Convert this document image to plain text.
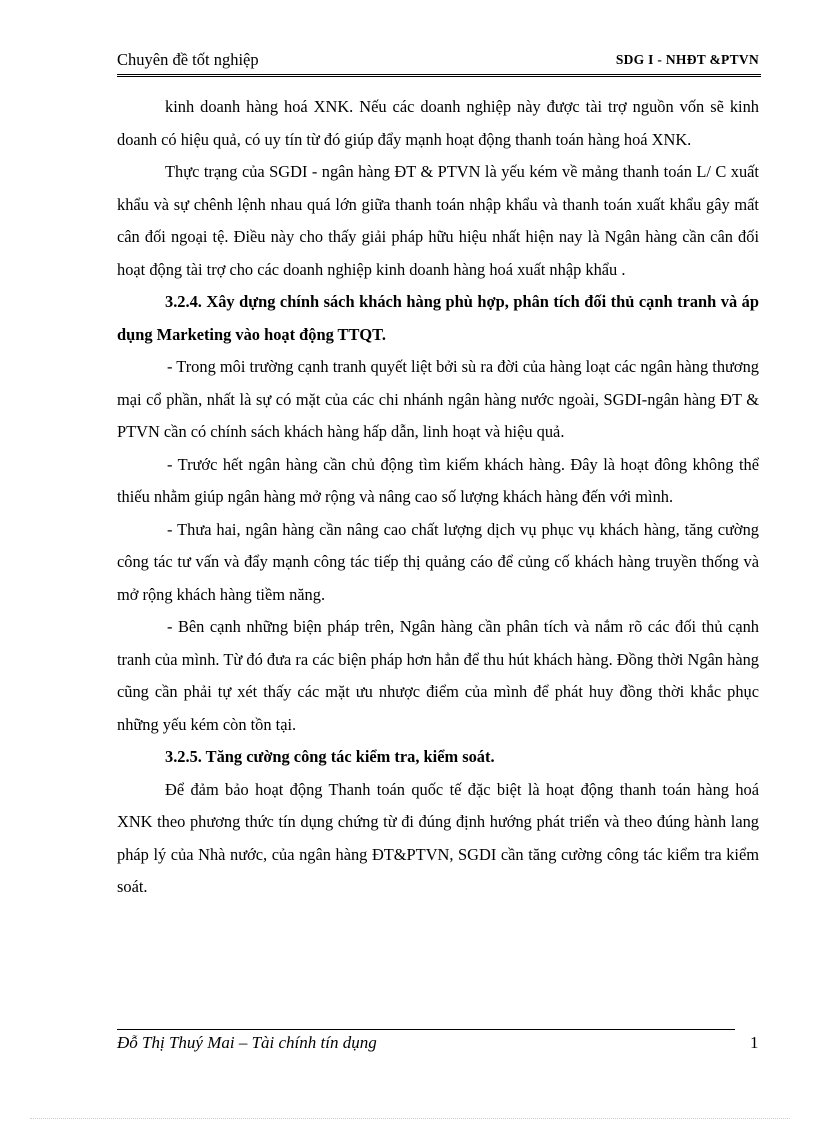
Chuyên đề tốt nghiệp	SDG I - NHĐT &PTVN

kinh doanh hàng hoá XNK. Nếu các doanh nghiệp này được tài trợ nguồn vốn sẽ kinh doanh có hiệu quả, có uy tín từ đó giúp đẩy mạnh hoạt động thanh toán hàng hoá XNK.

Thực trạng của SGDI - ngân hàng ĐT & PTVN là yếu kém về mảng thanh toán L/ C xuất khẩu và sự chênh lệnh nhau quá lớn giữa thanh toán nhập khẩu và thanh toán xuất khẩu gây mất cân đối ngoại tệ. Điều này cho thấy giải pháp hữu hiệu nhất hiện nay là Ngân hàng cần cân đối hoạt động tài trợ cho các doanh nghiệp kinh doanh hàng hoá xuất nhập khẩu .

3.2.4. Xây dựng chính sách khách hàng phù hợp, phân tích đối thủ cạnh tranh và áp dụng Marketing vào hoạt động TTQT.

- Trong môi trường cạnh tranh quyết liệt bởi sù ra đời của hàng loạt các ngân hàng thương mại cổ phần, nhất là sự có mặt của các chi nhánh ngân hàng nước ngoài, SGDI-ngân hàng ĐT & PTVN cần có chính sách khách hàng hấp dẫn, linh hoạt và hiệu quả.

- Trước hết ngân hàng cần chủ động tìm kiếm khách hàng. Đây là hoạt đông không thể thiếu nhằm giúp ngân hàng mở rộng và nâng cao số lượng khách hàng đến với mình.

- Thưa hai, ngân hàng cần nâng cao chất lượng dịch vụ phục vụ khách hàng, tăng cường công tác tư vấn và đẩy mạnh công tác tiếp thị quảng cáo để củng cố khách hàng truyền thống và mở rộng khách hàng tiềm năng.

- Bên cạnh những biện pháp trên, Ngân hàng cần phân tích và nắm rõ các đối thủ cạnh tranh của mình. Từ đó đưa ra các biện pháp hơn hẳn để thu hút khách hàng. Đồng thời Ngân hàng cũng cần phải tự xét thấy các mặt ưu nhược điểm của mình để phát huy đồng thời khắc phục những yếu kém còn tồn tại.

3.2.5. Tăng cường công tác kiểm tra, kiểm soát.

Để đảm bảo hoạt động Thanh toán quốc tế đặc biệt là hoạt động thanh toán hàng hoá XNK theo phương thức tín dụng chứng từ đi đúng định hướng phát triển và theo đúng hành lang pháp lý của Nhà nước, của ngân hàng ĐT&PTVN, SGDI cần tăng cường công tác kiểm tra kiểm soát.

Đỗ Thị Thuý Mai – Tài chính tín dụng	1
